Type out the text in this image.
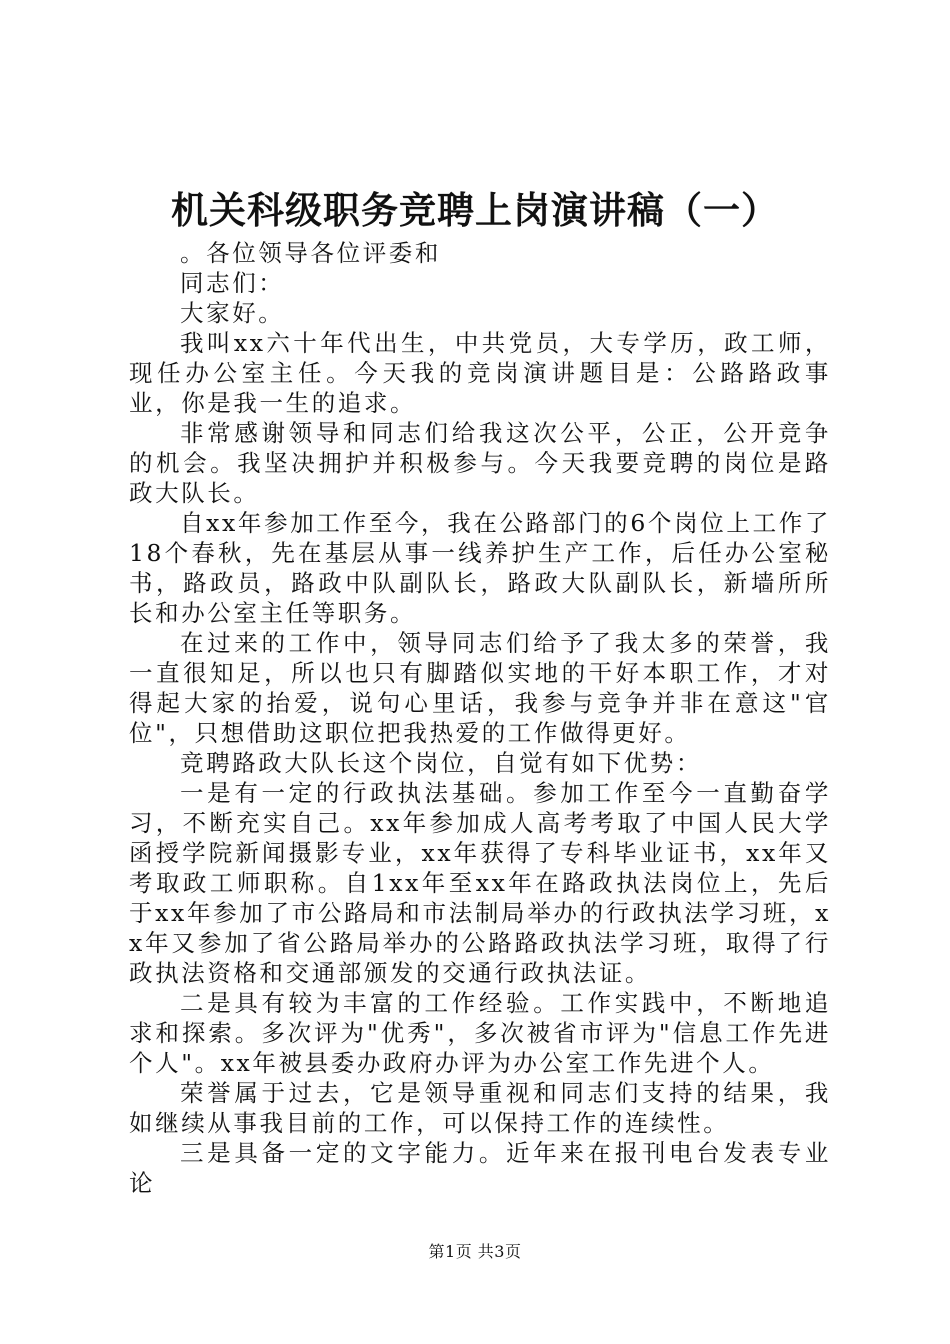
机关科级职务竞聘上岗演讲稿（一）

。各位领导各位评委和

同志们：

大家好。

我叫xx六十年代出生，中共党员，大专学历，政工师，现任办公室主任。今天我的竞岗演讲题目是：公路路政事业，你是我一生的追求。

非常感谢领导和同志们给我这次公平，公正，公开竞争的机会。我坚决拥护并积极参与。今天我要竞聘的岗位是路政大队长。

自xx年参加工作至今，我在公路部门的6个岗位上工作了18个春秋，先在基层从事一线养护生产工作，后任办公室秘书，路政员，路政中队副队长，路政大队副队长，新墙所所长和办公室主任等职务。

在过来的工作中，领导同志们给予了我太多的荣誉，我一直很知足，所以也只有脚踏似实地的干好本职工作，才对得起大家的抬爱，说句心里话，我参与竞争并非在意这"官位"，只想借助这职位把我热爱的工作做得更好。

竞聘路政大队长这个岗位，自觉有如下优势：

一是有一定的行政执法基础。参加工作至今一直勤奋学习，不断充实自己。xx年参加成人高考考取了中国人民大学函授学院新闻摄影专业，xx年获得了专科毕业证书，xx年又考取政工师职称。自1xx年至xx年在路政执法岗位上，先后于xx年参加了市公路局和市法制局举办的行政执法学习班，xx年又参加了省公路局举办的公路路政执法学习班，取得了行政执法资格和交通部颁发的交通行政执法证。

二是具有较为丰富的工作经验。工作实践中，不断地追求和探索。多次评为"优秀"，多次被省市评为"信息工作先进个人"。xx年被县委办政府办评为办公室工作先进个人。

荣誉属于过去，它是领导重视和同志们支持的结果，我如继续从事我目前的工作，可以保持工作的连续性。

三是具备一定的文字能力。近年来在报刊电台发表专业论

第1页 共3页
